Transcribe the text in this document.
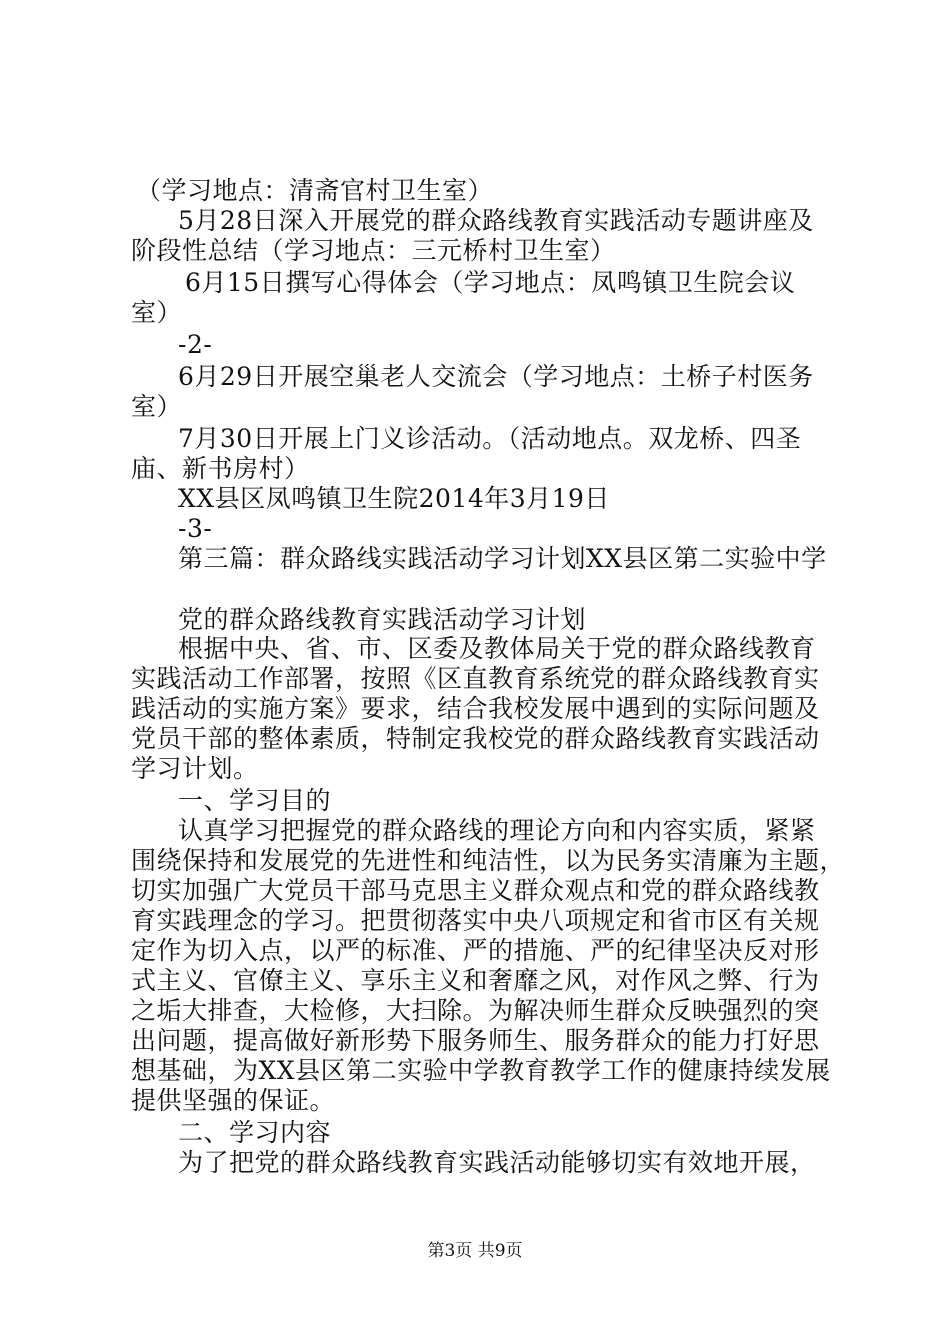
（学习地点：清斋官村卫生室）
5月28日深入开展党的群众路线教育实践活动专题讲座及
阶段性总结（学习地点：三元桥村卫生室）
6月15日撰写心得体会（学习地点：凤鸣镇卫生院会议
室）
-2-
6月29日开展空巢老人交流会（学习地点：土桥子村医务
室）
7月30日开展上门义诊活动。（活动地点。双龙桥、四圣
庙、新书房村）
XX县区凤鸣镇卫生院2014年3月19日
-3-
第三篇：群众路线实践活动学习计划XX县区第二实验中学
党的群众路线教育实践活动学习计划
根据中央、省、市、区委及教体局关于党的群众路线教育
实践活动工作部署，按照《区直教育系统党的群众路线教育实
践活动的实施方案》要求，结合我校发展中遇到的实际问题及
党员干部的整体素质，特制定我校党的群众路线教育实践活动
学习计划。
一、学习目的
认真学习把握党的群众路线的理论方向和内容实质，紧紧
围绕保持和发展党的先进性和纯洁性，以为民务实清廉为主题，
切实加强广大党员干部马克思主义群众观点和党的群众路线教
育实践理念的学习。把贯彻落实中央八项规定和省市区有关规
定作为切入点，以严的标准、严的措施、严的纪律坚决反对形
式主义、官僚主义、享乐主义和奢靡之风，对作风之弊、行为
之垢大排查，大检修，大扫除。为解决师生群众反映强烈的突
出问题，提高做好新形势下服务师生、服务群众的能力打好思
想基础，为XX县区第二实验中学教育教学工作的健康持续发展
提供坚强的保证。
二、学习内容
为了把党的群众路线教育实践活动能够切实有效地开展，
第3页 共9页
